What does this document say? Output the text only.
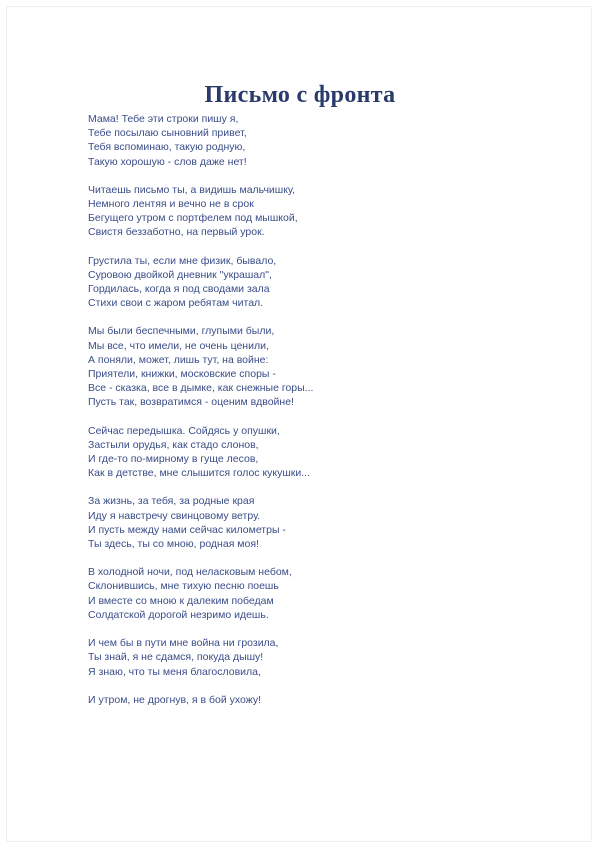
Письмо с фронта
Мама! Тебе эти строки пишу я,
Тебе посылаю сыновний привет,
Тебя вспоминаю, такую родную,
Такую хорошую - слов даже нет!
Читаешь письмо ты, а видишь мальчишку,
Немного лентяя и вечно не в срок
Бегущего утром с портфелем под мышкой,
Свистя беззаботно, на первый урок.
Грустила ты, если мне физик, бывало,
Суровою двойкой дневник "украшал",
Гордилась, когда я под сводами зала
Стихи свои с жаром ребятам читал.
Мы были беспечными, глупыми были,
Мы все, что имели, не очень ценили,
А поняли, может, лишь тут, на войне:
Приятели, книжки, московские споры -
Все - сказка, все в дымке, как снежные горы...
Пусть так, возвратимся - оценим вдвойне!
Сейчас передышка. Сойдясь у опушки,
Застыли орудья, как стадо слонов,
И где-то по-мирному в гуще лесов,
Как в детстве, мне слышится голос кукушки...
За жизнь, за тебя, за родные края
Иду я навстречу свинцовому ветру.
И пусть между нами сейчас километры -
Ты здесь, ты со мною, родная моя!
В холодной ночи, под неласковым небом,
Склонившись, мне тихую песню поешь
И вместе со мною к далеким победам
Солдатской дорогой незримо идешь.
И чем бы в пути мне война ни грозила,
Ты знай, я не сдамся, покуда дышу!
Я знаю, что ты меня благословила,
И утром, не дрогнув, я в бой ухожу!
